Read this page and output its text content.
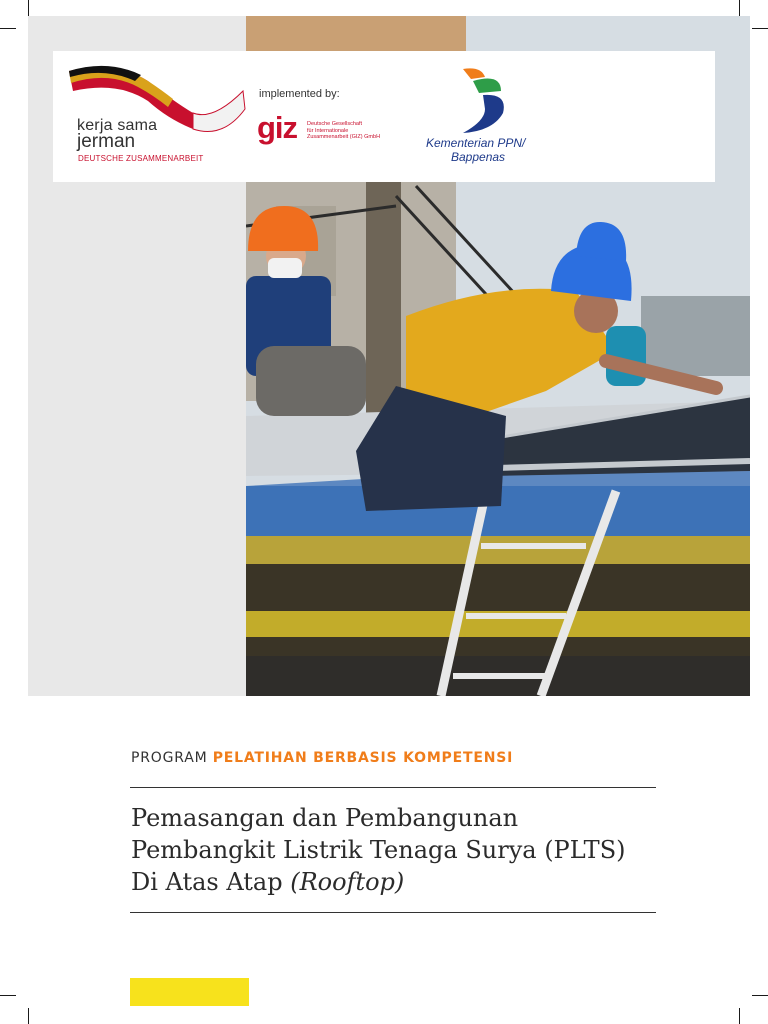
kerja sama
jerman
DEUTSCHE ZUSAMMENARBEIT
implemented by:
giz Deutsche Gesellschaft
für Internationale
Zusammenarbeit (GIZ) GmbH	Kementerian PPN/
Bappenas
PROGRAM PELATIHAN BERBASIS KOMPETENSI
Pemasangan dan Pembangunan
Pembangkit Listrik Tenaga Surya (PLTS)
Di Atas Atap (Rooftop)
